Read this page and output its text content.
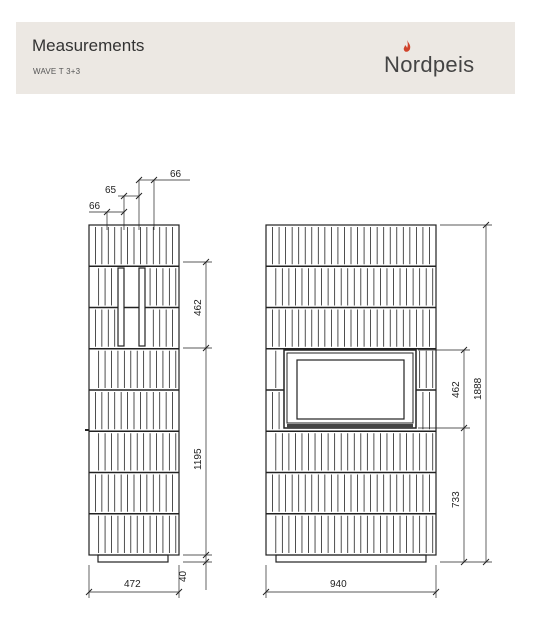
Measurements
WAVE T 3+3	Nordpeis
66
65
66
472	940
462
1195
40
462
733
1888
